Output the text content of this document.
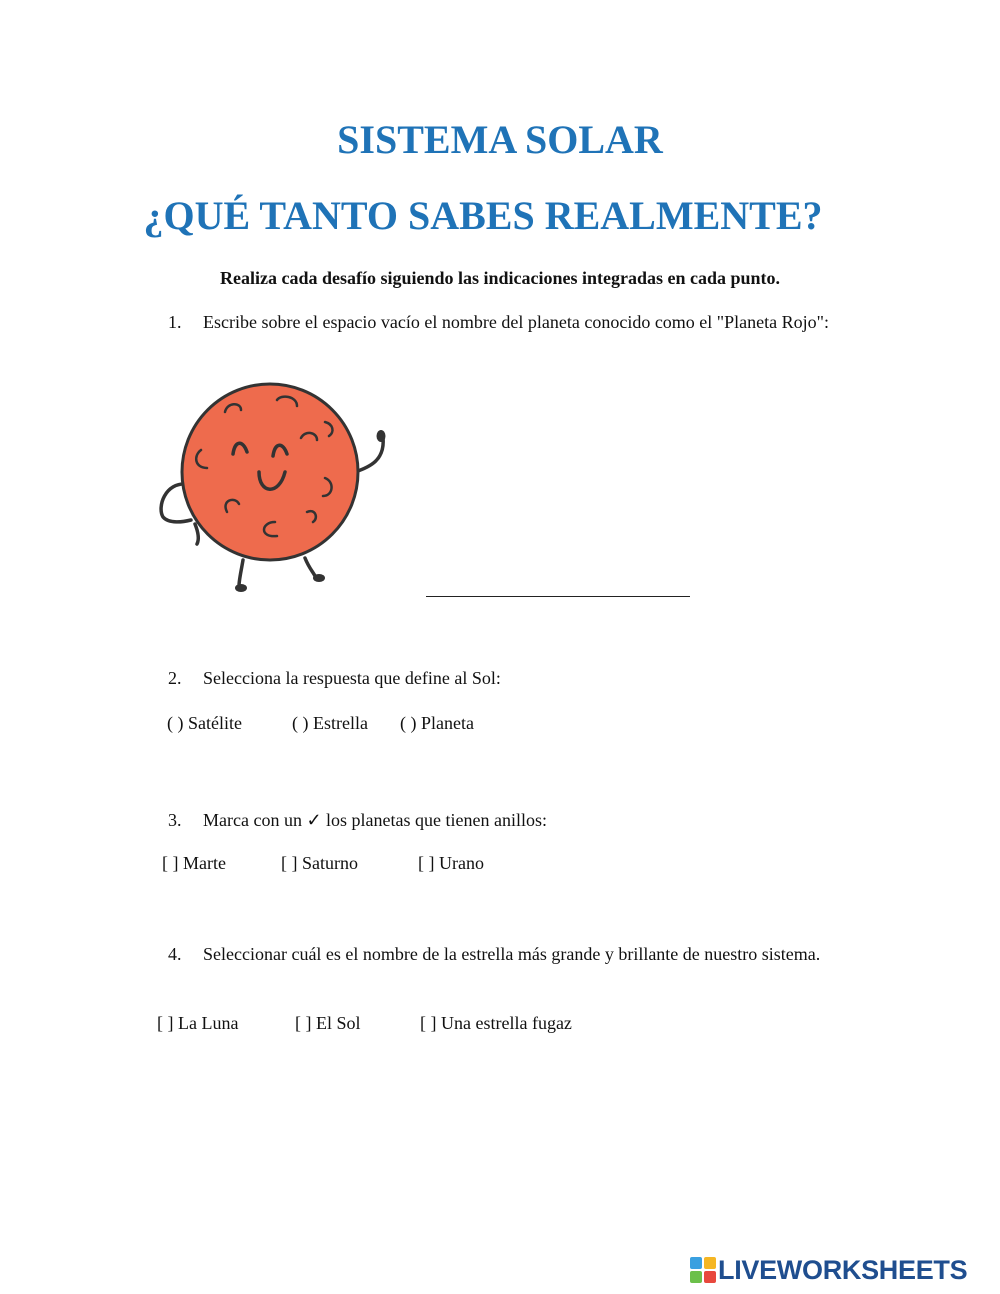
SISTEMA SOLAR
¿QUÉ TANTO SABES REALMENTE?
Realiza cada desafío siguiendo las indicaciones integradas en cada punto.
1.	Escribe sobre el espacio vacío el nombre del planeta conocido como el "Planeta Rojo":
2.	Selecciona la respuesta que define al Sol:
( ) Satélite	( ) Estrella ( ) Planeta
3.	Marca con un ✓ los planetas que tienen anillos:
[ ] Marte	[ ] Saturno	[ ] Urano
4.	Seleccionar cuál es el nombre de la estrella más grande y brillante de nuestro sistema.
[ ] La Luna	[ ] El Sol	[ ] Una estrella fugaz
LIVEWORKSHEETS
